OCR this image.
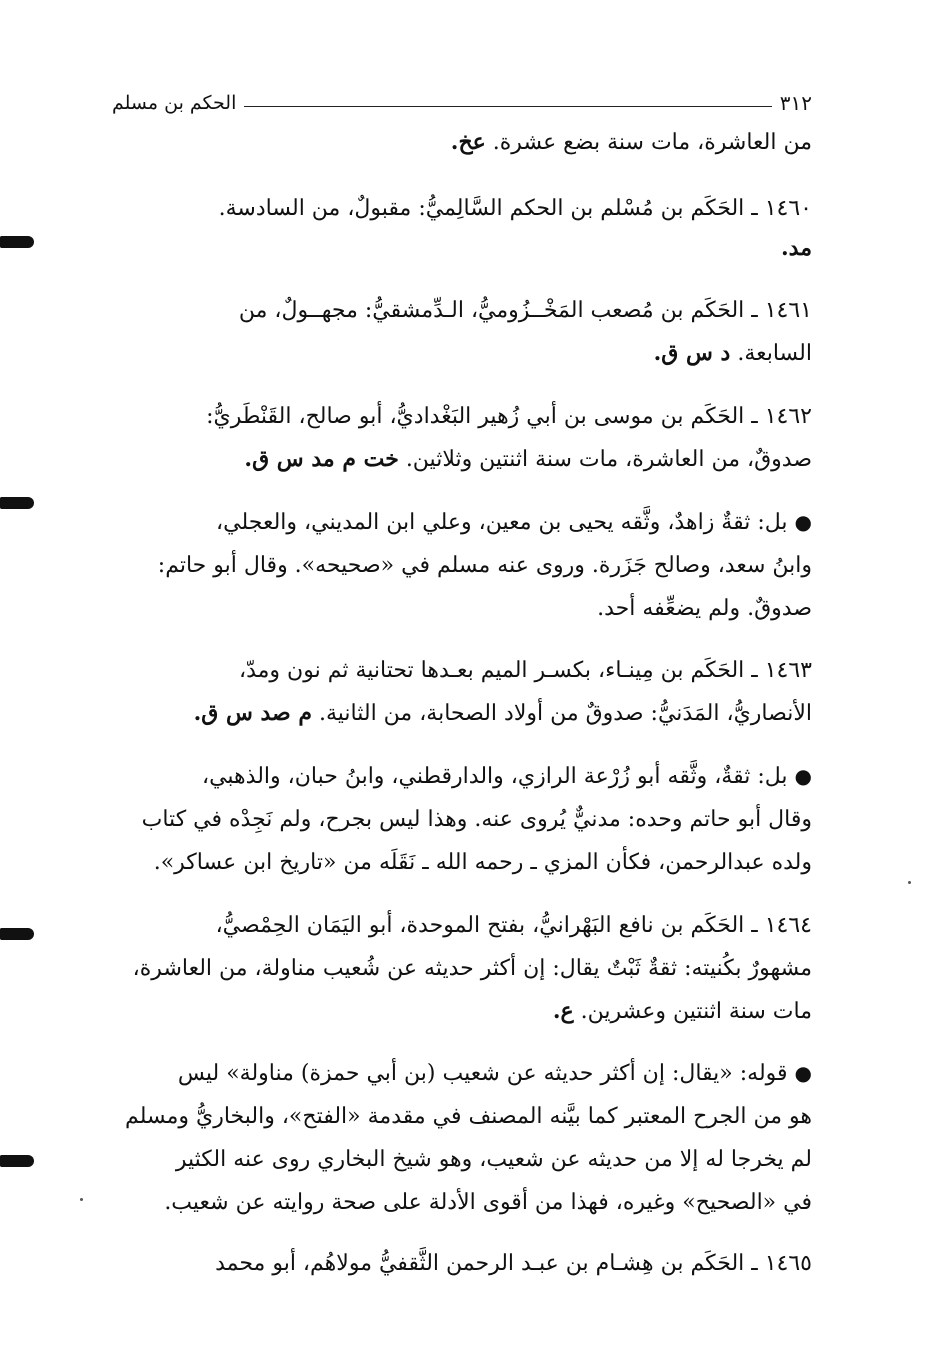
٣١٢
الحكم بن مسلم
من العاشرة، مات سنة بضع عشرة. عخ.
١٤٦٠ ـ الحَكَم بن مُسْلم بن الحكم السَّالِميُّ: مقبولٌ، من السادسة.
مد.
١٤٦١ ـ الحَكَم بن مُصعب المَخْــزُوميُّ، الـدِّمشقيُّ: مجهــولٌ، من
السابعة. د س ق.
١٤٦٢ ـ الحَكَم بن موسى بن أبي زُهير البَغْداديُّ، أبو صالح، القَنْطَريُّ:
صدوقٌ، من العاشرة، مات سنة اثنتين وثلاثين. خت م مد س ق.
● بل: ثقةٌ زاهدٌ، وثَّقه يحيى بن معين، وعلي ابن المديني، والعجلي،
وابنُ سعد، وصالح جَزَرة. وروى عنه مسلم في «صحيحه». وقال أبو حاتم:
صدوقٌ. ولم يضعِّفه أحد.
١٤٦٣ ـ الحَكَم بن مِينـاء، بكسـر الميم بعـدها تحتانية ثم نون ومدّ،
الأنصاريُّ، المَدَنيُّ: صدوقٌ من أولاد الصحابة، من الثانية. م صد س ق.
● بل: ثقةٌ، وثَّقه أبو زُرْعة الرازي، والدارقطني، وابنُ حبان، والذهبي،
وقال أبو حاتم وحده: مدنيٌّ يُروى عنه. وهذا ليس بجرح، ولم نَجِدْه في كتاب
ولده عبدالرحمن، فكأن المزي ـ رحمه الله ـ نَقَلَه من «تاريخ ابن عساكر».
١٤٦٤ ـ الحَكَم بن نافع البَهْرانيُّ، بفتح الموحدة، أبو اليَمَان الحِمْصيُّ،
مشهورٌ بكُنيته: ثقةٌ ثَبْتٌ يقال: إن أكثر حديثه عن شُعيب مناولة، من العاشرة،
مات سنة اثنتين وعشرين. ع.
● قوله: «يقال: إن أكثر حديثه عن شعيب (بن أبي حمزة) مناولة» ليس
هو من الجرح المعتبر كما بيَّنه المصنف في مقدمة «الفتح»، والبخاريُّ ومسلم
لم يخرجا له إلا من حديثه عن شعيب، وهو شيخ البخاري روى عنه الكثير
في «الصحيح» وغيره، فهذا من أقوى الأدلة على صحة روايته عن شعيب.
١٤٦٥ ـ الحَكَم بن هِشـام بن عبـد الرحمن الثَّقفيُّ مولاهُم، أبو محمد
